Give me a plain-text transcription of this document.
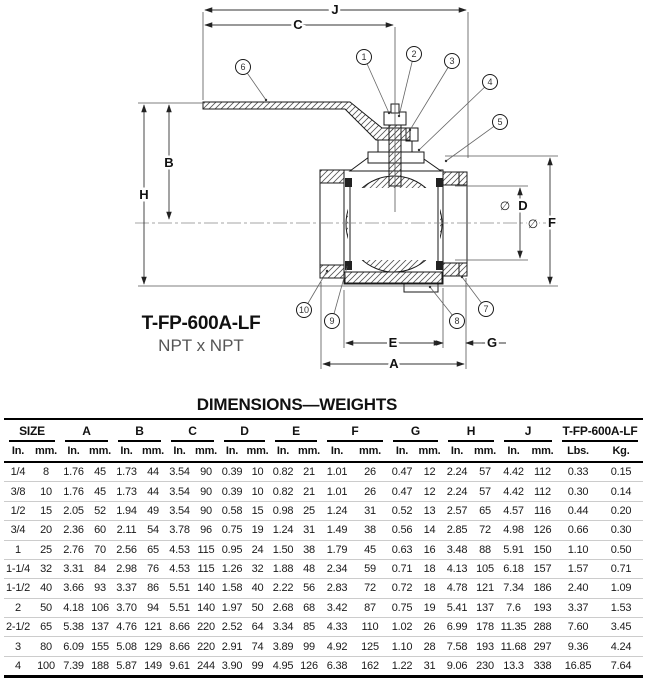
J
C
B
H
E
A
G
D
F
∅
∅
1	2
3
4
5
6
7
8
9
10
T-FP-600A-LF
NPT x NPT
DIMENSIONS—WEIGHTS
SIZE		A		B		C		D		E		F		G		H		J		T-FP-600A-LF	

In.	mm.	In.	mm.	In.	mm.	In.	mm.	In.	mm.	In.	mm.	In.	mm.	In.	mm.	In.	mm.	In.	mm.	Lbs.	Kg.
1/4	8	1.76	45	1.73	44	3.54	90	0.39	10	0.82	21	1.01	26	0.47	12	2.24	57	4.42	112	0.33	0.15
3/8	10	1.76	45	1.73	44	3.54	90	0.39	10	0.82	21	1.01	26	0.47	12	2.24	57	4.42	112	0.30	0.14
1/2	15	2.05	52	1.94	49	3.54	90	0.58	15	0.98	25	1.24	31	0.52	13	2.57	65	4.57	116	0.44	0.20
3/4	20	2.36	60	2.11	54	3.78	96	0.75	19	1.24	31	1.49	38	0.56	14	2.85	72	4.98	126	0.66	0.30
1	25	2.76	70	2.56	65	4.53	115	0.95	24	1.50	38	1.79	45	0.63	16	3.48	88	5.91	150	1.10	0.50
1-1/4	32	3.31	84	2.98	76	4.53	115	1.26	32	1.88	48	2.34	59	0.71	18	4.13	105	6.18	157	1.57	0.71
1-1/2	40	3.66	93	3.37	86	5.51	140	1.58	40	2.22	56	2.83	72	0.72	18	4.78	121	7.34	186	2.40	1.09
2	50	4.18	106	3.70	94	5.51	140	1.97	50	2.68	68	3.42	87	0.75	19	5.41	137	7.6	193	3.37	1.53
2-1/2	65	5.38	137	4.76	121	8.66	220	2.52	64	3.34	85	4.33	110	1.02	26	6.99	178	11.35	288	7.60	3.45
3	80	6.09	155	5.08	129	8.66	220	2.91	74	3.89	99	4.92	125	1.10	28	7.58	193	11.68	297	9.36	4.24
4	100	7.39	188	5.87	149	9.61	244	3.90	99	4.95	126	6.38	162	1.22	31	9.06	230	13.3	338	16.85	7.64
